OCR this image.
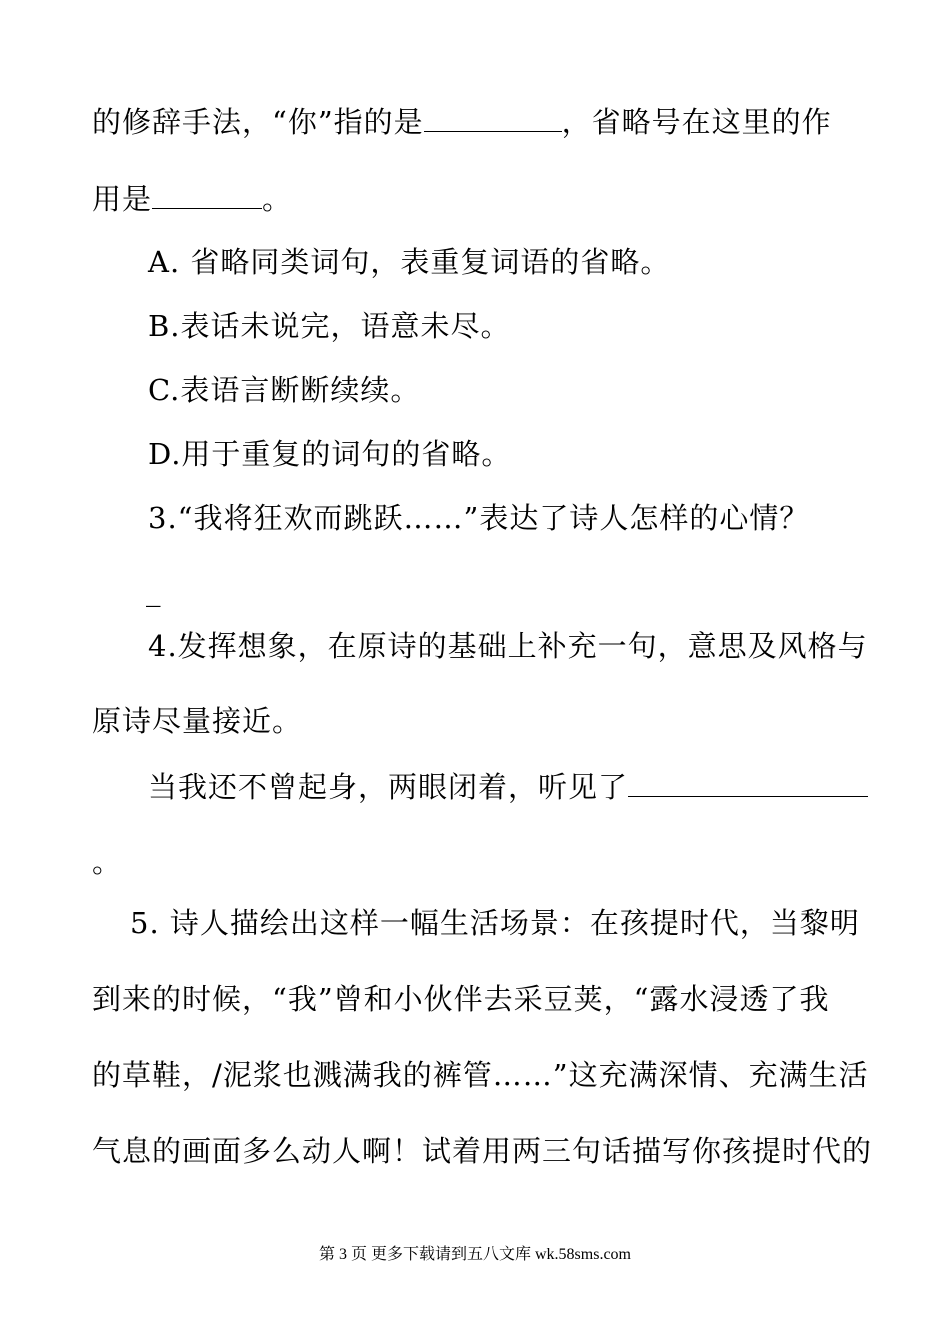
的修辞手法，“你”指的是	，省略号在这里的作
用是	。
A. 省略同类词句，表重复词语的省略。
B.表话未说完，语意未尽。
C.表语言断断续续。
D.用于重复的词句的省略。
3.“我将狂欢而跳跃……”表达了诗人怎样的心情？
_
4.发挥想象，在原诗的基础上补充一句，意思及风格与
原诗尽量接近。
当我还不曾起身，两眼闭着，听见了
。
5. 诗人描绘出这样一幅生活场景：在孩提时代，当黎明
到来的时候，“我”曾和小伙伴去采豆荚，“露水浸透了我
的草鞋，/泥浆也溅满我的裤管……”这充满深情、充满生活
气息的画面多么动人啊！试着用两三句话描写你孩提时代的
第 3 页 更多下载请到五八文库 wk.58sms.com
